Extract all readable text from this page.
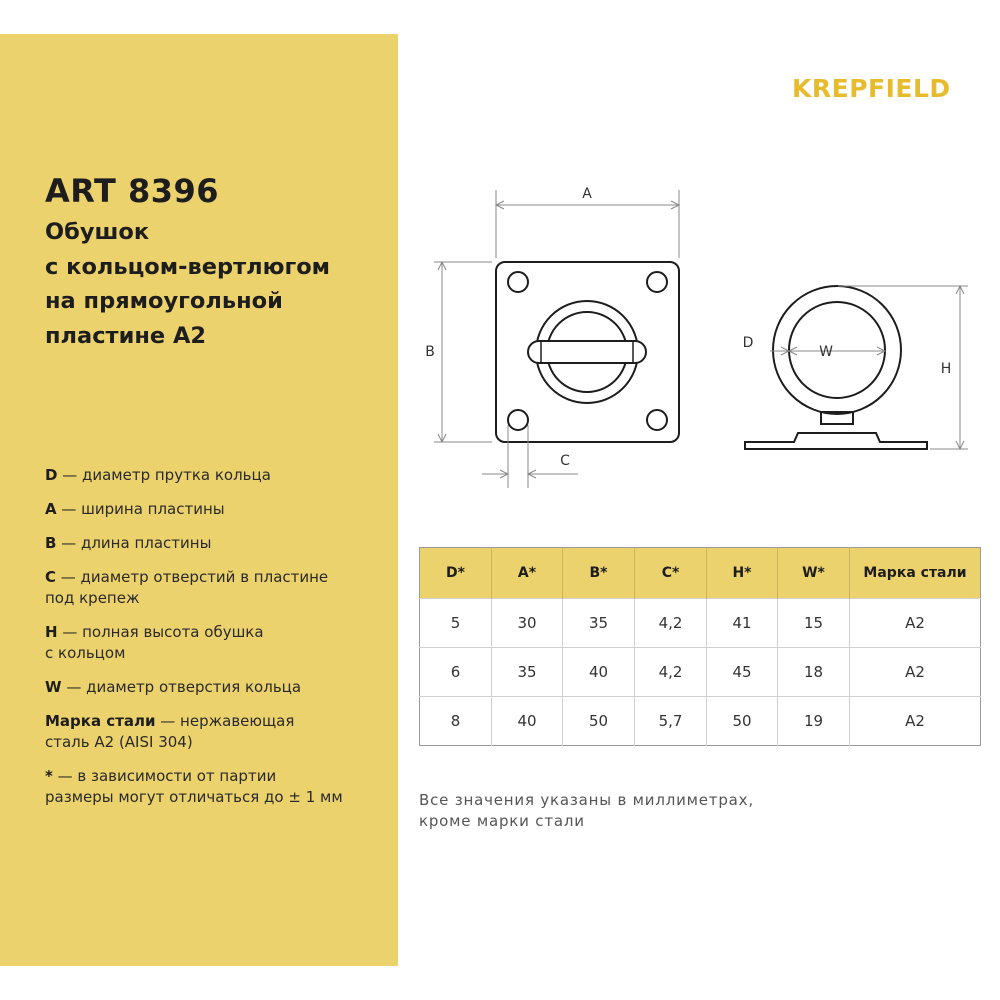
ART 8396
Обушок
с кольцом-вертлюгом
на прямоугольной
пластине А2

D — диаметр прутка кольца

A — ширина пластины

B — длина пластины

C — диаметр отверстий в пластине
под крепеж

H — полная высота обушка
с кольцом

W — диаметр отверстия кольца

Марка стали — нержавеющая
сталь А2 (AISI 304)

* — в зависимости от партии
размеры могут отличаться до ± 1 мм

KREPFIELD
A
B
C
D
W
H
D*	A*	B*	C*	H*	W*	Марка стали
5	30	35	4,2	41	15	A2
6	35	40	4,2	45	18	A2
8	40	50	5,7	50	19	A2

Все значения указаны в миллиметрах,
кроме марки стали
